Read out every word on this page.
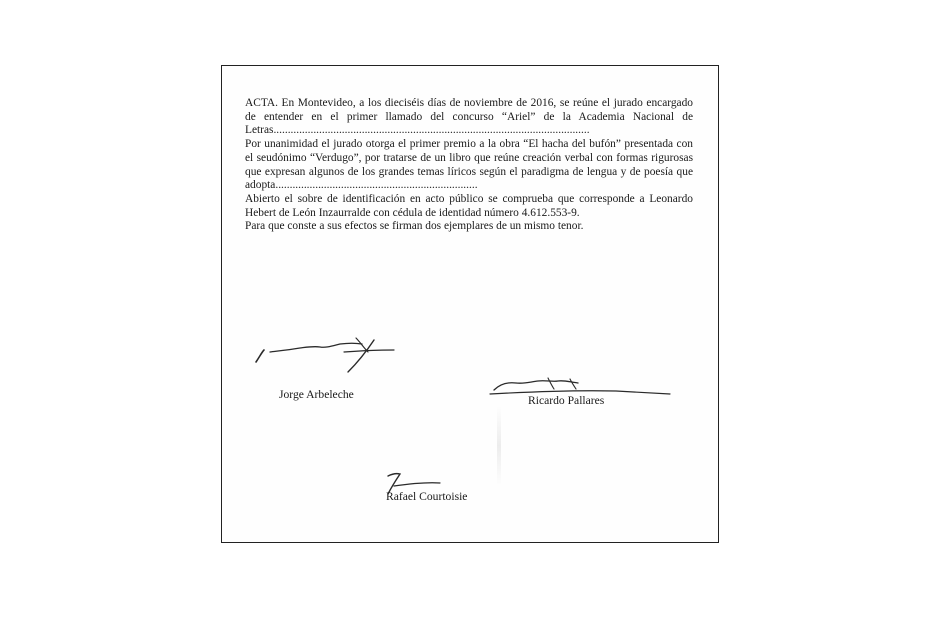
ACTA. En Montevideo, a los dieciséis días de noviembre de 2016, se reúne el jurado encargado de entender en el primer llamado del concurso “Ariel” de la Academia Nacional de Letras...............................................................................................................

Por unanimidad el jurado otorga el primer premio a la obra “El hacha del bufón” presentada con el seudónimo “Verdugo”, por tratarse de un libro que reúne creación verbal con formas rigurosas que expresan algunos de los grandes temas líricos según el paradigma de lengua y de poesía que adopta.......................................................................

Abierto el sobre de identificación en acto público se comprueba que corresponde a Leonardo Hebert de León Inzaurralde con cédula de identidad número 4.612.553-9.

Para que conste a sus efectos se firman dos ejemplares de un mismo tenor.

Jorge Arbeleche	Ricardo Pallares
Rafael Courtoisie
